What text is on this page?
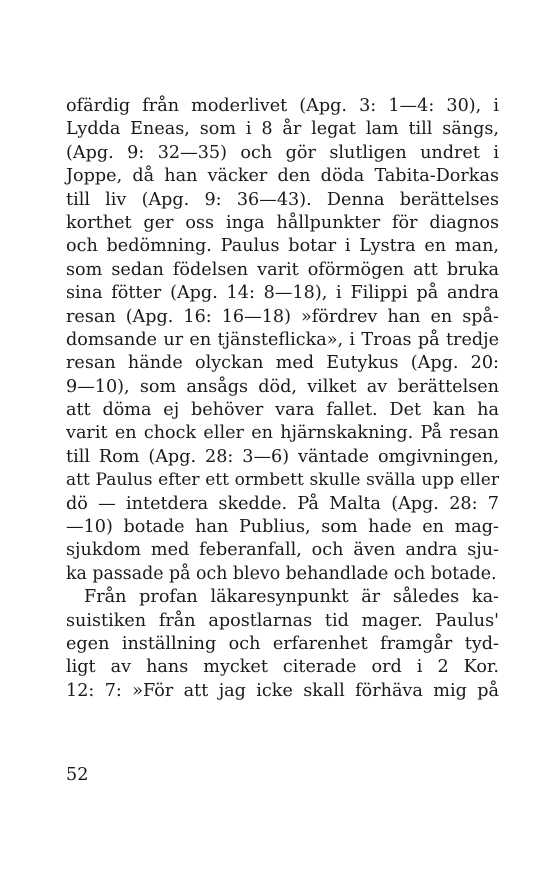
ofärdig från moderlivet (Apg. 3: 1—4: 30), i
Lydda Eneas, som i 8 år legat lam till sängs,
(Apg. 9: 32—35) och gör slutligen undret i
Joppe, då han väcker den döda Tabita-Dorkas
till liv (Apg. 9: 36—43). Denna berättelses
korthet ger oss inga hållpunkter för diagnos
och bedömning. Paulus botar i Lystra en man,
som sedan födelsen varit oförmögen att bruka
sina fötter (Apg. 14: 8—18), i Filippi på andra
resan (Apg. 16: 16—18) »fördrev han en spå-
domsande ur en tjänsteflicka», i Troas på tredje
resan hände olyckan med Eutykus (Apg. 20:
9—10), som ansågs död, vilket av berättelsen
att döma ej behöver vara fallet. Det kan ha
varit en chock eller en hjärnskakning. På resan
till Rom (Apg. 28: 3—6) väntade omgivningen,
att Paulus efter ett ormbett skulle svälla upp eller
dö — intetdera skedde. På Malta (Apg. 28: 7
—10) botade han Publius, som hade en mag-
sjukdom med feberanfall, och även andra sju-
ka passade på och blevo behandlade och botade.
Från profan läkaresynpunkt är således ka-
suistiken från apostlarnas tid mager. Paulus'
egen inställning och erfarenhet framgår tyd-
ligt av hans mycket citerade ord i 2 Kor.
12: 7: »För att jag icke skall förhäva mig på
52
